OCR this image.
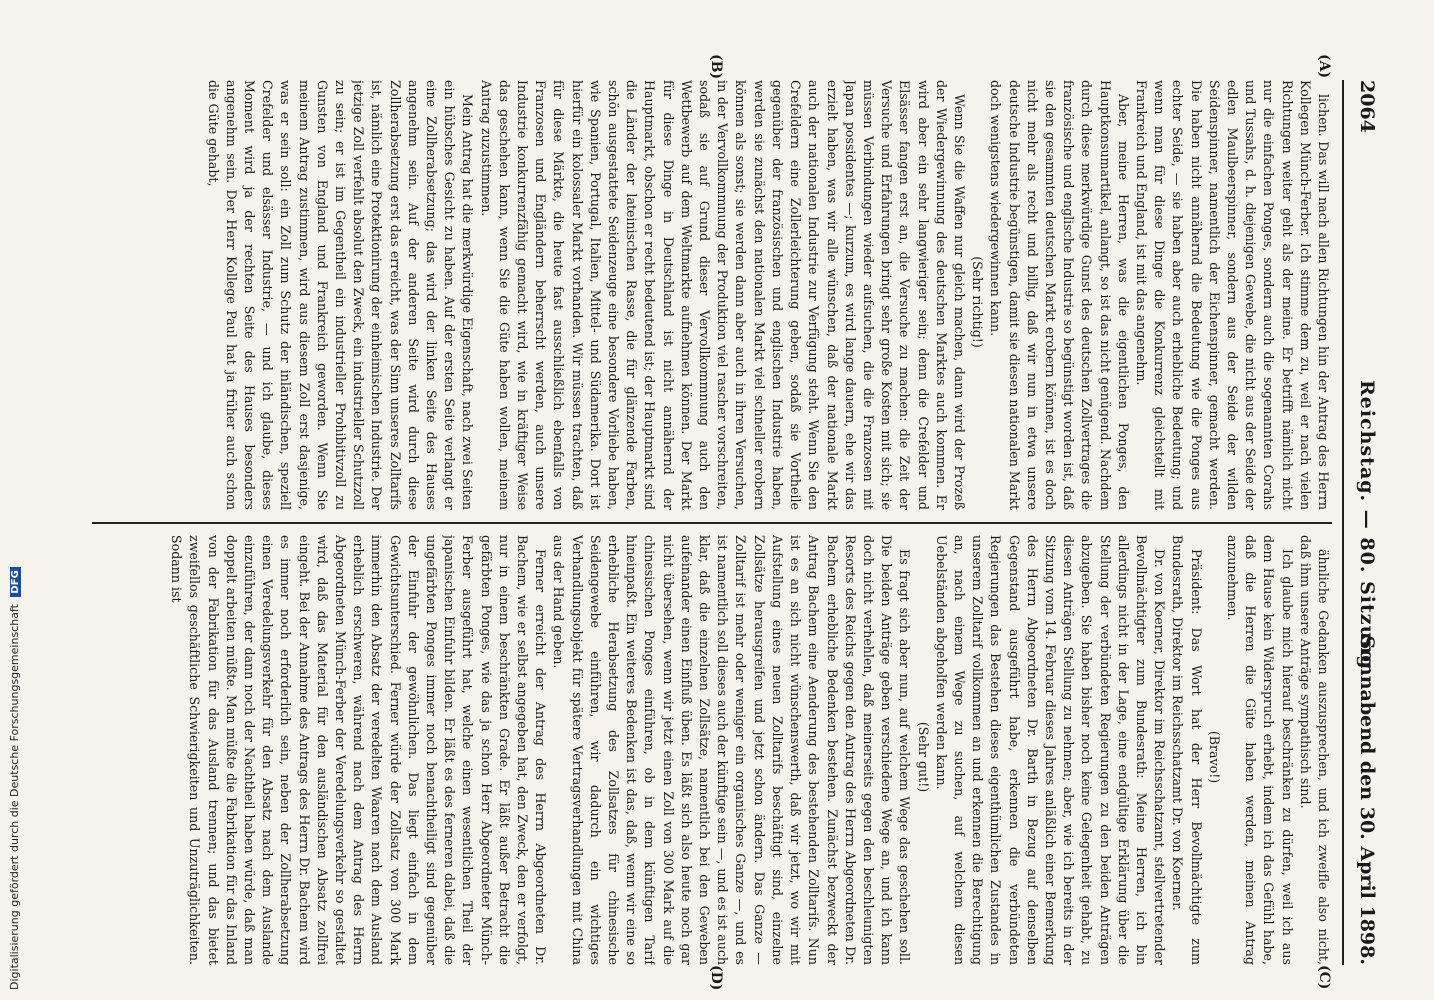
2064
Reichstag. — 80. Sitzung.
Sonnabend den 30. April 1898.
(A)
(B)
(C)
(D)

lichen. Das will nach allen Richtungen hin der Antrag des Herrn Kollegen Münch-Ferber. Ich stimme dem zu, weil er nach vielen Richtungen weiter geht als der meine. Er betrifft nämlich nicht nur die einfachen Ponges, sondern auch die sogenannten Corahs und Tussahs, d. h. diejenigen Gewebe, die nicht aus der Seide der edlen Maulbeerspinner, sondern aus der Seide der wilden Seidenspinner, namentlich der Eichenspinner, gemacht werden. Die haben nicht annähernd die Bedeutung wie die Ponges aus echter Seide, — sie haben aber auch erhebliche Bedeutung; und wenn man für diese Dinge die Konkurrenz gleichstellt mit Frankreich und England, ist mit das angenehm.

Aber, meine Herren, was die eigentlichen Ponges, den Hauptkonsumartikel, anlangt, so ist das nicht genügend. Nachdem durch diese merkwürdige Gunst des deutschen Zollvertrages die französische und englische Industrie so begünstigt worden ist, daß sie den gesammten deutschen Markt erobern können, ist es doch nicht mehr als recht und billig, daß wir nun in etwa unsere deutsche Industrie begünstigen, damit sie diesen nationalen Markt doch wenigstens wiedergewinnen kann.

(Sehr richtig!)

Wenn Sie die Waffen nur gleich machen, dann wird der Prozeß der Wiedergewinnung des deutschen Marktes auch kommen. Er wird aber ein sehr langwieriger sein; denn die Crefelder und Elsässer fangen erst an, die Versuche zu machen: die Zeit der Versuche und Erfahrungen bringt sehr große Kosten mit sich; sie müssen Verbindungen wieder aufsuchen, die die Franzosen mit Japan possidentes —; kurzum, es wird lange dauern, ehe wir das erzielt haben, was wir alle wünschen, daß der nationale Markt auch der nationalen Industrie zur Verfügung steht. Wenn Sie den Crefeldern eine Zollerleichterung geben, sodaß sie Vortheile gegenüber der französischen und englischen Industrie haben, werden sie zunächst den nationalen Markt viel schneller erobern können als sonst; sie werden dann aber auch in ihren Versuchen, in der Vervollkommnung der Produktion viel rascher vorschreiten, sodaß sie auf Grund dieser Vervollkommnung auch den Wettbewerb auf dem Weltmarkte aufnehmen können. Der Markt für diese Dinge in Deutschland ist nicht annähernd der Hauptmarkt, obschon er recht bedeutend ist; der Hauptmarkt sind die Länder der lateinischen Rasse, die für glänzende Farben, schön ausgestattete Seidenzeuge eine besondere Vorliebe haben, wie Spanien, Portugal, Italien, Mittel- und Südamerika. Dort ist hierfür ein kolossaler Markt vorhanden. Wir müssen trachten, daß für diese Märkte, die heute fast ausschließlich ebenfalls von Franzosen und Engländern beherrscht werden, auch unsere Industrie konkurrenzfähig gemacht wird, wie in kräftiger Weise das geschehen kann, wenn Sie die Güte haben wollen, meinem Antrag zuzustimmen.

Mein Antrag hat die merkwürdige Eigenschaft, nach zwei Seiten ein hübsches Gesicht zu haben. Auf der ersten Seite verlangt er eine Zollherabsetzung; das wird der linken Seite des Hauses angenehm sein. Auf der anderen Seite wird durch diese Zollherabsetzung erst das erreicht, was der Sinn unseres Zolltarifs ist, nämlich eine Protektionirung der einheimischen Industrie. Der jetzige Zoll verfehlt absolut den Zweck, ein industrieller Schutzzoll zu sein; er ist im Gegentheil ein industrieller Prohibitivzoll zu Gunsten von England und Frankreich geworden. Wenn Sie meinem Antrag zustimmen, wird aus diesem Zoll erst dasjenige, was er sein soll: ein Zoll zum Schutz der inländischen, speziell Crefelder und elsässer Industrie, — und ich glaube, dieses Moment wird ja der rechten Seite des Hauses besonders angenehm sein. Der Herr Kollege Paul hat ja früher auch schon die Güte gehabt,

ähnliche Gedanken auszusprechen, und ich zweifle also nicht, daß ihm unsere Anträge sympathisch sind.

Ich glaube mich hierauf beschränken zu dürfen, weil ich aus dem Hause kein Widerspruch erhebt, indem ich das Gefühl habe, daß die Herren die Güte haben werden, meinen Antrag anzunehmen.

(Bravo!)

Präsident: Das Wort hat der Herr Bevollmächtigte zum Bundesrath, Direktor im Reichsschatzamt Dr. von Koerner.

Dr. von Koerner, Direktor im Reichsschatzamt, stellvertretender Bevollmächtigter zum Bundesrath: Meine Herren, ich bin allerdings nicht in der Lage, eine endgültige Erklärung über die Stellung der verbündeten Regierungen zu den beiden Anträgen abzugeben. Sie haben bisher noch keine Gelegenheit gehabt, zu diesen Anträgen Stellung zu nehmen; aber, wie ich bereits in der Sitzung vom 14. Februar dieses Jahres anläßlich einer Bemerkung des Herrn Abgeordneten Dr. Barth in Bezug auf denselben Gegenstand ausgeführt habe, erkennen die verbündeten Regierungen das Bestehen dieses eigenthümlichen Zustandes in unserem Zolltarif vollkommen an und erkennen die Berechtigung an, nach einem Wege zu suchen, auf welchem diesen Uebelständen abgeholfen werden kann.

(Sehr gut!)

Es fragt sich aber nun, auf welchem Wege das geschehen soll. Die beiden Anträge geben verschiedene Wege an, und ich kann doch nicht verhehlen, daß meinerseits gegen den beschleunigten Resorts des Reichs gegen den Antrag des Herrn Abgeordneten Dr. Bachem erhebliche Bedenken bestehen. Zunächst bezweckt der Antrag Bachem eine Aenderung des bestehenden Zolltarifs. Nun ist es an sich nicht wünschenswerth, daß wir jetzt, wo wir mit Aufstellung eines neuen Zolltarifs beschäftigt sind, einzelne Zollsätze herausgreifen und jetzt schon ändern. Das Ganze — Zolltarif ist mehr oder weniger ein organisches Ganze —, und es ist namentlich soll dieses auch der künftige sein —, und es ist auch klar, daß die einzelnen Zollsätze, namentlich bei den Geweben aufeinander einen Einfluß üben. Es läßt sich also heute noch gar nicht übersehen, wenn wir jetzt einen Zoll von 300 Mark auf die chinesischen Ponges einführen, ob in dem künftigen Tarif hineinpaßt. Ein weiteres Bedenken ist das, daß, wenn wir eine so erhebliche Herabsetzung des Zollsatzes für chinesische Seidengewebe einführen, wir dadurch ein wichtiges Verhandlungsobjekt für spätere Vertragsverhandlungen mit China aus der Hand geben.

Ferner erreicht der Antrag des Herrn Abgeordneten Dr. Bachem, wie er selbst angegeben hat, den Zweck, den er verfolgt, nur in einem beschränkten Grade. Er läßt außer Betracht die gefärbten Ponges, wie das ja schon Herr Abgeordneter Münch-Ferber ausgeführt hat, welche einen wesentlichen Theil der japanischen Einfuhr bilden. Er läßt es des ferneren dabei, daß die ungefärbten Ponges immer noch benachtheiligt sind gegenüber der Einfuhr der gewöhnlichen. Das liegt einfach in dem Gewichtsunterschied. Ferner würde der Zollsatz von 300 Mark immerhin den Absatz der veredelten Waaren nach dem Ausland erheblich erschweren, während nach dem Antrag des Herrn Abgeordneten Münch-Ferber der Veredelungsverkehr so gestaltet wird, daß das Material für den ausländischen Absatz zollfrei eingeht. Bei der Annahme des Antrags des Herrn Dr. Bachem wird es immer noch erforderlich sein, neben der Zollherabsetzung einen Veredelungsverkehr für den Absatz nach dem Auslande einzuführen, der dann noch der Nachtheil haben würde, daß man doppelt arbeiten müßte. Man müßte die Fabrikation für das Inland von der Fabrikation für das Ausland trennen; und das bietet zweifellos geschäftliche Schwierigkeiten und Unzuträglichkeiten. Sodann ist

Digitalisierung gefördert durch die Deutsche Forschungsgemeinschaft DFG
